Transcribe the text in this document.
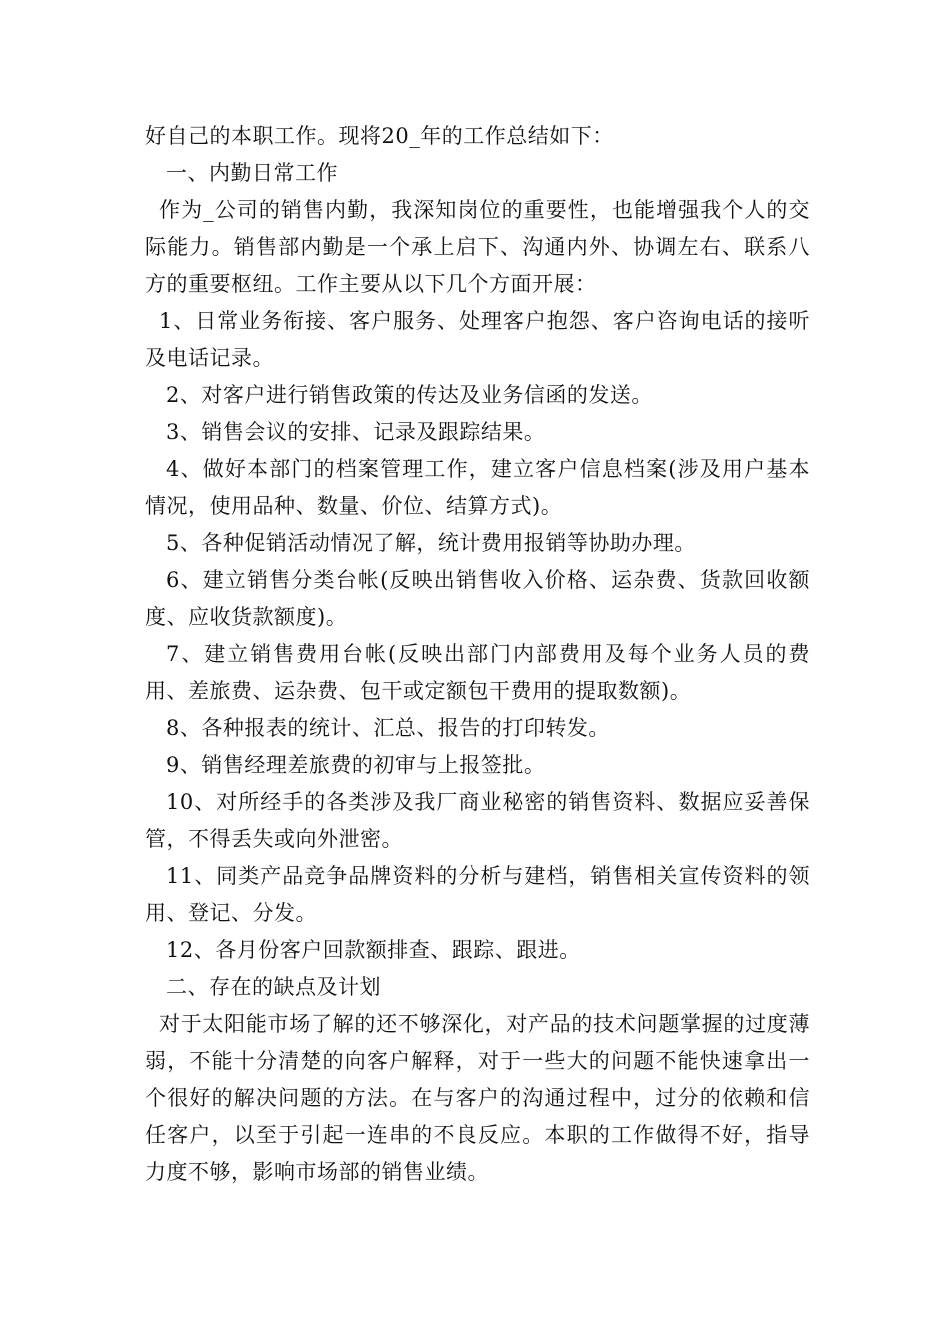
好自己的本职工作。现将20_年的工作总结如下：

一、内勤日常工作

作为_公司的销售内勤，我深知岗位的重要性，也能增强我个人的交际能力。销售部内勤是一个承上启下、沟通内外、协调左右、联系八方的重要枢纽。工作主要从以下几个方面开展：

1、日常业务衔接、客户服务、处理客户抱怨、客户咨询电话的接听及电话记录。

2、对客户进行销售政策的传达及业务信函的发送。

3、销售会议的安排、记录及跟踪结果。

4、做好本部门的档案管理工作，建立客户信息档案(涉及用户基本情况，使用品种、数量、价位、结算方式)。

5、各种促销活动情况了解，统计费用报销等协助办理。

6、建立销售分类台帐(反映出销售收入价格、运杂费、货款回收额度、应收货款额度)。

7、建立销售费用台帐(反映出部门内部费用及每个业务人员的费用、差旅费、运杂费、包干或定额包干费用的提取数额)。

8、各种报表的统计、汇总、报告的打印转发。

9、销售经理差旅费的初审与上报签批。

10、对所经手的各类涉及我厂商业秘密的销售资料、数据应妥善保管，不得丢失或向外泄密。

11、同类产品竞争品牌资料的分析与建档，销售相关宣传资料的领用、登记、分发。

12、各月份客户回款额排查、跟踪、跟进。

二、存在的缺点及计划

对于太阳能市场了解的还不够深化，对产品的技术问题掌握的过度薄弱，不能十分清楚的向客户解释，对于一些大的问题不能快速拿出一个很好的解决问题的方法。在与客户的沟通过程中，过分的依赖和信任客户，以至于引起一连串的不良反应。本职的工作做得不好，指导力度不够，影响市场部的销售业绩。
